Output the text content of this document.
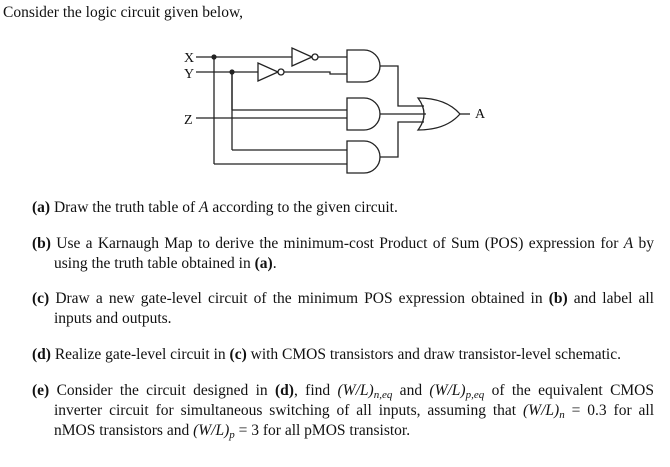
Consider the logic circuit given below,
X
Y
Z	A
(a) Draw the truth table of A according to the given circuit.
(b) Use a Karnaugh Map to derive the minimum-cost Product of Sum (POS) expression for A by
using the truth table obtained in (a).
(c) Draw a new gate-level circuit of the minimum POS expression obtained in (b) and label all
inputs and outputs.
(d) Realize gate-level circuit in (c) with CMOS transistors and draw transistor-level schematic.
(e) Consider the circuit designed in (d), find $(W/L)_{n,eq}$ and $(W/L)_{p,eq}$ of the equivalent CMOS
inverter circuit for simultaneous switching of all inputs, assuming that $(W/L)_n = 0.3$ for all
nMOS transistors and $(W/L)_p = 3$ for all pMOS transistor.
